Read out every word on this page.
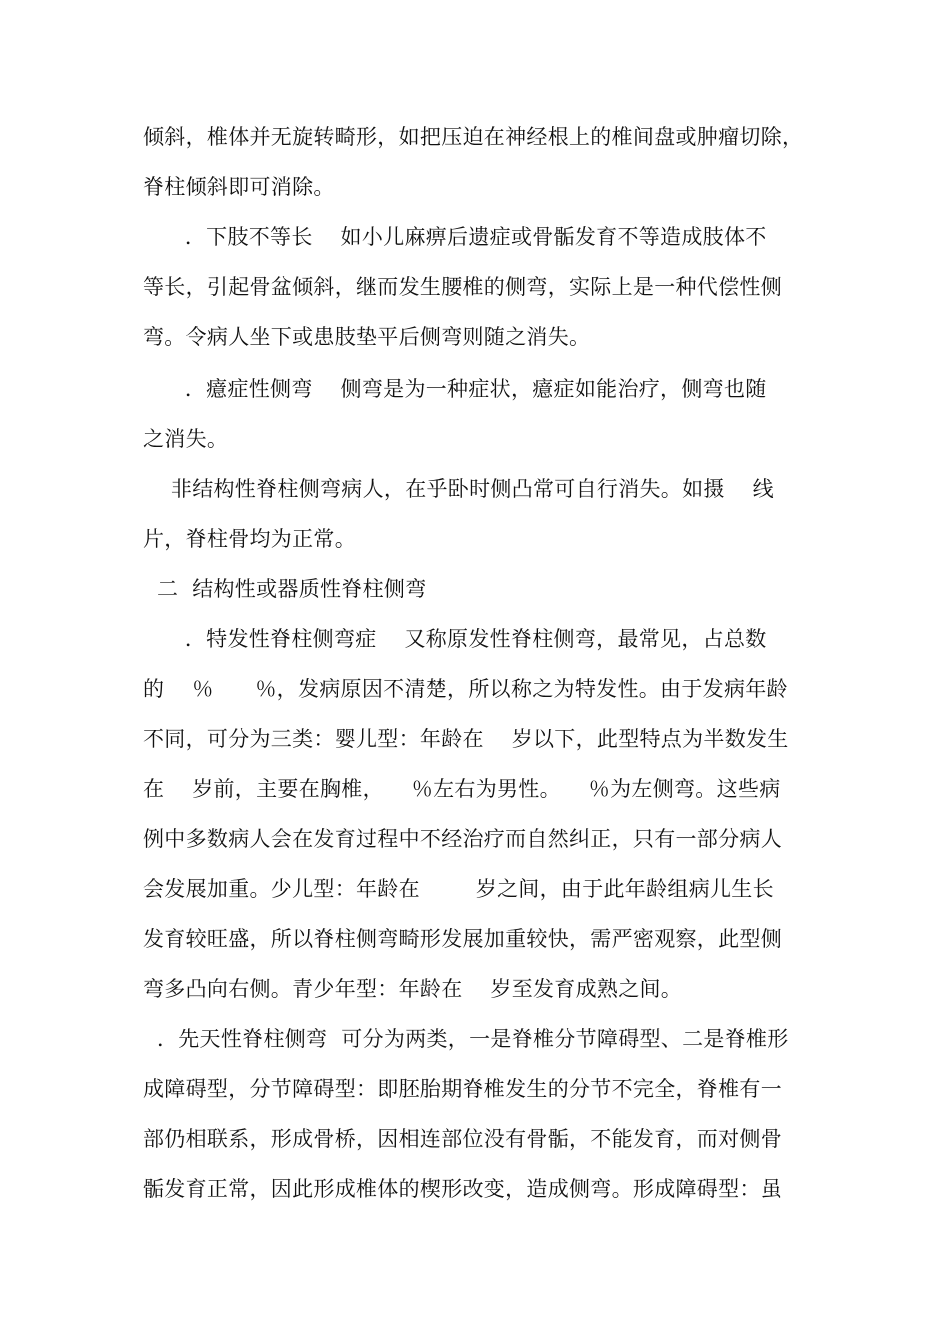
倾斜，椎体并无旋转畸形，如把压迫在神经根上的椎间盘或肿瘤切除，
脊柱倾斜即可消除。
．下肢不等长    如小儿麻痹后遗症或骨骺发育不等造成肢体不
等长，引起骨盆倾斜，继而发生腰椎的侧弯，实际上是一种代偿性侧
弯。令病人坐下或患肢垫平后侧弯则随之消失。
．癔症性侧弯    侧弯是为一种症状，癔症如能治疗，侧弯也随
之消失。
非结构性脊柱侧弯病人，在乎卧时侧凸常可自行消失。如摄    线
片，脊柱骨均为正常。
二  结构性或器质性脊柱侧弯
．特发性脊柱侧弯症    又称原发性脊柱侧弯，最常见，占总数
的    ％      ％，发病原因不清楚，所以称之为特发性。由于发病年龄
不同，可分为三类：婴儿型：年龄在    岁以下，此型特点为半数发生
在    岁前，主要在胸椎，    ％左右为男性。    ％为左侧弯。这些病
例中多数病人会在发育过程中不经治疗而自然纠正，只有一部分病人
会发展加重。少儿型：年龄在        岁之间，由于此年龄组病儿生长
发育较旺盛，所以脊柱侧弯畸形发展加重较快，需严密观察，此型侧
弯多凸向右侧。青少年型：年龄在    岁至发育成熟之间。
．先天性脊柱侧弯  可分为两类，一是脊椎分节障碍型、二是脊椎形
成障碍型，分节障碍型：即胚胎期脊椎发生的分节不完全，脊椎有一
部仍相联系，形成骨桥，因相连部位没有骨骺，不能发育，而对侧骨
骺发育正常，因此形成椎体的楔形改变，造成侧弯。形成障碍型：虽
